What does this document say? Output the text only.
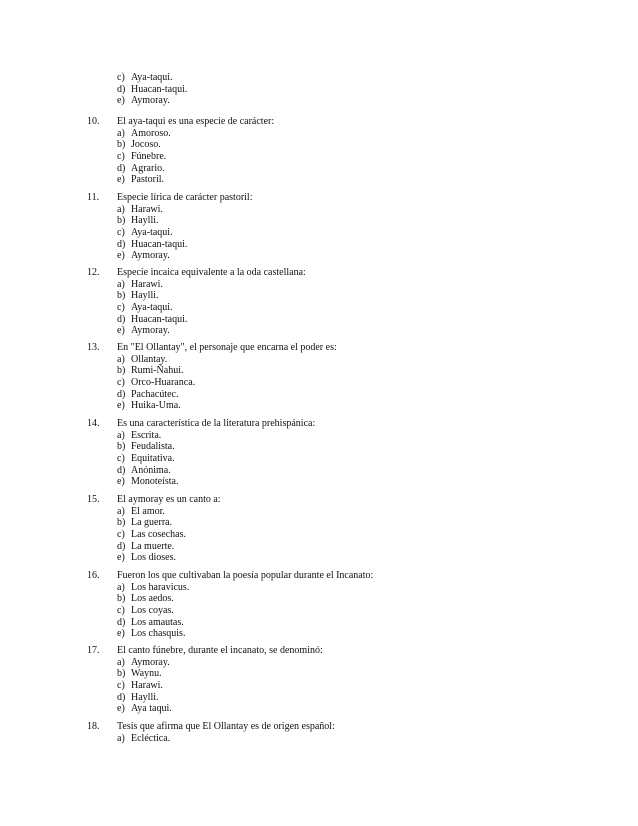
c) Aya-taqui.
d) Huacan-taqui.
e) Aymoray.
10. El aya-taqui es una especie de carácter:
a) Amoroso.
b) Jocoso.
c) Fúnebre.
d) Agrario.
e) Pastoril.
11. Especie lírica de carácter pastoril:
a) Harawi.
b) Haylli.
c) Aya-taqui.
d) Huacan-taqui.
e) Aymoray.
12. Especie incaica equivalente a la oda castellana:
a) Harawi.
b) Haylli.
c) Aya-taqui.
d) Huacan-taqui.
e) Aymoray.
13. En "El Ollantay", el personaje que encarna el poder es:
a) Ollantay.
b) Rumi-Ñahui.
c) Orco-Huaranca.
d) Pachacútec.
e) Huika-Uma.
14. Es una característica de la literatura prehispánica:
a) Escrita.
b) Feudalista.
c) Equitativa.
d) Anónima.
e) Monoteísta.
15. El aymoray es un canto a:
a) El amor.
b) La guerra.
c) Las cosechas.
d) La muerte.
e) Los dioses.
16. Fueron los que cultivaban la poesía popular durante el Incanato:
a) Los haravicus.
b) Los aedos.
c) Los coyas.
d) Los amautas.
e) Los chasquis.
17. El canto fúnebre, durante el incanato, se denominó:
a) Aymoray.
b) Waynu.
c) Harawi.
d) Haylli.
e) Aya taqui.
18. Tesis que afirma que El Ollantay es de origen español:
a) Ecléctica.
